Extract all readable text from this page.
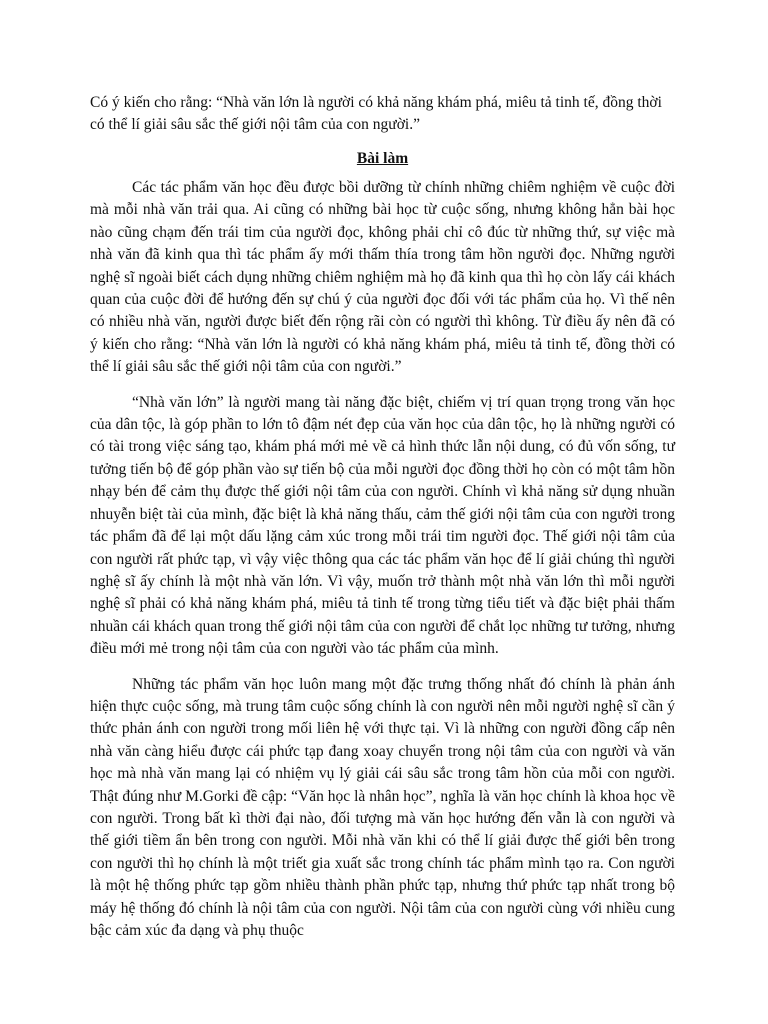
Có ý kiến cho rằng: “Nhà văn lớn là người có khả năng khám phá, miêu tả tinh tế, đồng thời có thể lí giải sâu sắc thế giới nội tâm của con người.”

Bài làm

Các tác phẩm văn học đều được bồi dưỡng từ chính những chiêm nghiệm về cuộc đời mà mỗi nhà văn trải qua. Ai cũng có những bài học từ cuộc sống, nhưng không hẳn bài học nào cũng chạm đến trái tim của người đọc, không phải chỉ cô đúc từ những thứ, sự việc mà nhà văn đã kinh qua thì tác phẩm ấy mới thấm thía trong tâm hồn người đọc. Những người nghệ sĩ ngoài biết cách dụng những chiêm nghiệm mà họ đã kinh qua thì họ còn lấy cái khách quan của cuộc đời để hướng đến sự chú ý của người đọc đối với tác phẩm của họ. Vì thế nên có nhiều nhà văn, người được biết đến rộng rãi còn có người thì không. Từ điều ấy nên đã có ý kiến cho rằng: “Nhà văn lớn là người có khả năng khám phá, miêu tả tinh tế, đồng thời có thể lí giải sâu sắc thế giới nội tâm của con người.”

“Nhà văn lớn” là người mang tài năng đặc biệt, chiếm vị trí quan trọng trong văn học của dân tộc, là góp phần to lớn tô đậm nét đẹp của văn học của dân tộc, họ là những người có có tài trong việc sáng tạo, khám phá mới mẻ về cả hình thức lẫn nội dung, có đủ vốn sống, tư tưởng tiến bộ để góp phần vào sự tiến bộ của mỗi người đọc đồng thời họ còn có một tâm hồn nhạy bén để cảm thụ được thế giới nội tâm của con người. Chính vì khả năng sử dụng nhuần nhuyễn biệt tài của mình, đặc biệt là khả năng thấu, cảm thế giới nội tâm của con người trong tác phẩm đã để lại một dấu lặng cảm xúc trong mỗi trái tim người đọc. Thế giới nội tâm của con người rất phức tạp, vì vậy việc thông qua các tác phẩm văn học để lí giải chúng thì người nghệ sĩ ấy chính là một nhà văn lớn. Vì vậy, muốn trở thành một nhà văn lớn thì mỗi người nghệ sĩ phải có khả năng khám phá, miêu tả tinh tế trong từng tiểu tiết và đặc biệt phải thấm nhuần cái khách quan trong thế giới nội tâm của con người để chắt lọc những tư tưởng, nhưng điều mới mẻ trong nội tâm của con người vào tác phẩm của mình.

Những tác phẩm văn học luôn mang một đặc trưng thống nhất đó chính là phản ánh hiện thực cuộc sống, mà trung tâm cuộc sống chính là con người nên mỗi người nghệ sĩ cần ý thức phản ánh con người trong mối liên hệ với thực tại. Vì là những con người đồng cấp nên nhà văn càng hiểu được cái phức tạp đang xoay chuyển trong nội tâm của con người và văn học mà nhà văn mang lại có nhiệm vụ lý giải cái sâu sắc trong tâm hồn của mỗi con người. Thật đúng như M.Gorki đề cập: “Văn học là nhân học”, nghĩa là văn học chính là khoa học về con người. Trong bất kì thời đại nào, đối tượng mà văn học hướng đến vẫn là con người và thế giới tiềm ẩn bên trong con người. Mỗi nhà văn khi có thể lí giải được thế giới bên trong con người thì họ chính là một triết gia xuất sắc trong chính tác phẩm mình tạo ra. Con người là một hệ thống phức tạp gồm nhiều thành phần phức tạp, nhưng thứ phức tạp nhất trong bộ máy hệ thống đó chính là nội tâm của con người. Nội tâm của con người cùng với nhiều cung bậc cảm xúc đa dạng và phụ thuộc
